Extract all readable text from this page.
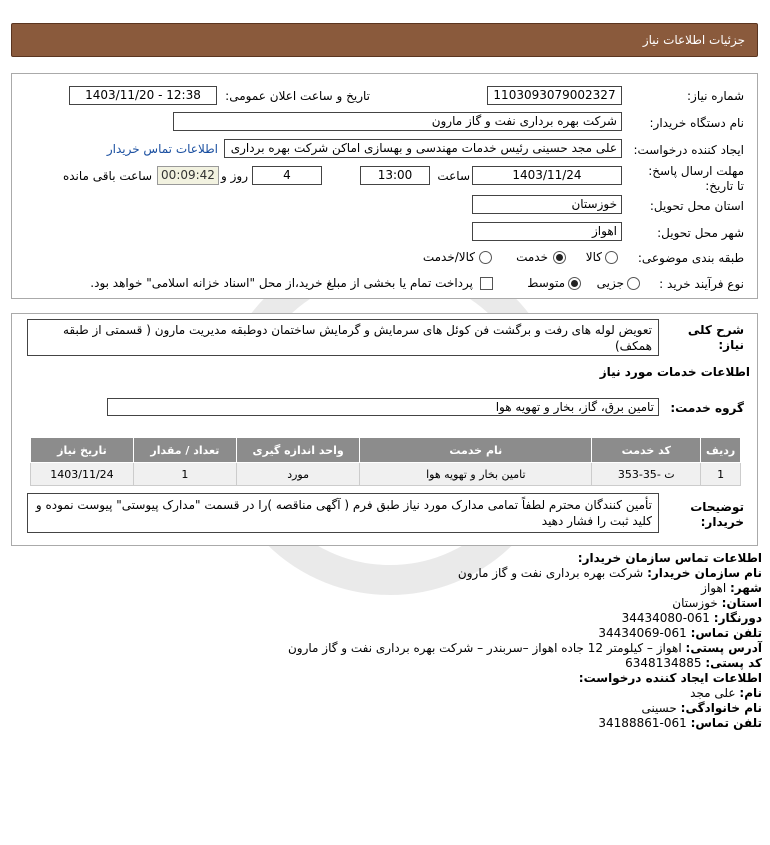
جزئیات اطلاعات نیاز
شماره نیاز:
1103093079002327
تاریخ و ساعت اعلان عمومی:
1403/11/20 - 12:38
نام دستگاه خریدار:
شرکت بهره برداری نفت و گاز مارون
ایجاد کننده درخواست:
علی مجد حسینی رئیس خدمات مهندسی و بهسازی اماکن شرکت بهره برداری
اطلاعات تماس خریدار
مهلت ارسال پاسخ: تا تاریخ:
1403/11/24
ساعت
13:00
4
روز و
00:09:42
ساعت باقی مانده
استان محل تحویل:
خوزستان
شهر محل تحویل:
اهواز
طبقه بندی موضوعی:
کالا
خدمت
کالا/خدمت
نوع فرآیند خرید :
جزیی
متوسط
پرداخت تمام یا بخشی از مبلغ خرید،از محل "اسناد خزانه اسلامی" خواهد بود.
شرح کلی نیاز:
تعویض لوله های رفت و برگشت فن کوئل های سرمایش و گرمایش ساختمان دوطبقه مدیریت مارون ( قسمتی از طبقه همکف)
اطلاعات خدمات مورد نیاز
گروه خدمت:
تامین برق، گاز، بخار و تهویه هوا
ردیف	کد خدمت	نام خدمت	واحد اندازه گیری	تعداد / مقدار	تاریخ نیاز
1	ت -35-353	تامین بخار و تهویه هوا	مورد	1	1403/11/24
توضیحات خریدار:
تأمین کنندگان محترم لطفاً تمامی مدارک مورد نیاز طبق فرم ( آگهی مناقصه )را در قسمت "مدارک پیوستی" پیوست نموده و کلید ثبت را فشار دهید
اطلاعات تماس سازمان خریدار:
نام سازمان خریدار: شرکت بهره برداری نفت و گاز مارون
شهر: اهواز
استان: خوزستان
دورنگار: 061-34434080
تلفن تماس: 061-34434069
آدرس پستی: اهواز – کیلومتر 12 جاده اهواز –سربندر – شرکت بهره برداری نفت و گاز مارون
کد پستی: 6348134885
اطلاعات ایجاد کننده درخواست:
نام: علی مجد
نام خانوادگی: حسینی
تلفن تماس: 061-34188861
